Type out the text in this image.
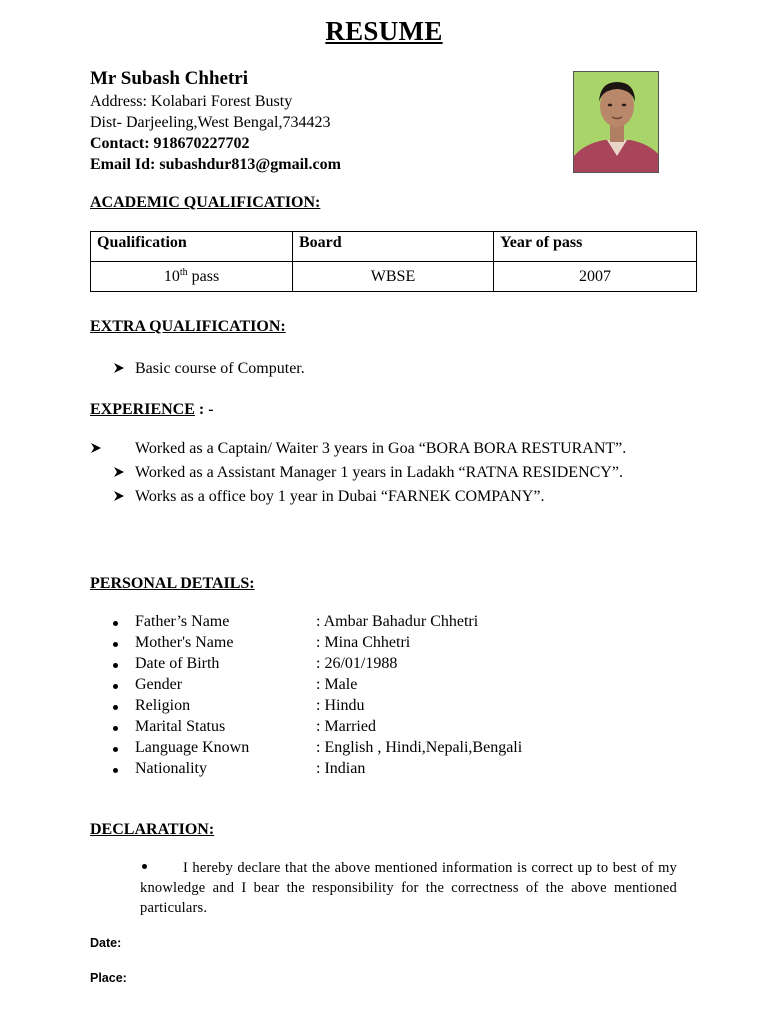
RESUME
Mr Subash Chhetri
Address: Kolabari Forest Busty
Dist- Darjeeling,West Bengal,734423
Contact: 918670227702
Email Id: subashdur813@gmail.com
ACADEMIC QUALIFICATION:
Qualification	Board	Year of pass
10th pass	WBSE	2007
EXTRA QUALIFICATION:
Basic course of Computer.
EXPERIENCE : -
Worked as a Captain/ Waiter 3 years in Goa “BORA BORA RESTURANT”.
Worked as a Assistant Manager 1 years in Ladakh “RATNA RESIDENCY”.
Works as a office boy 1 year in Dubai “FARNEK COMPANY”.
PERSONAL DETAILS:
Father’s Name	: Ambar Bahadur Chhetri
Mother's Name	: Mina Chhetri
Date of Birth	: 26/01/1988
Gender	: Male
Religion	: Hindu
Marital Status	: Married
Language Known	: English , Hindi,Nepali,Bengali
Nationality	: Indian
DECLARATION:
I hereby declare that the above mentioned information is correct up to best of my knowledge and I bear the responsibility for the correctness of the above mentioned particulars.
Date:
Place:
